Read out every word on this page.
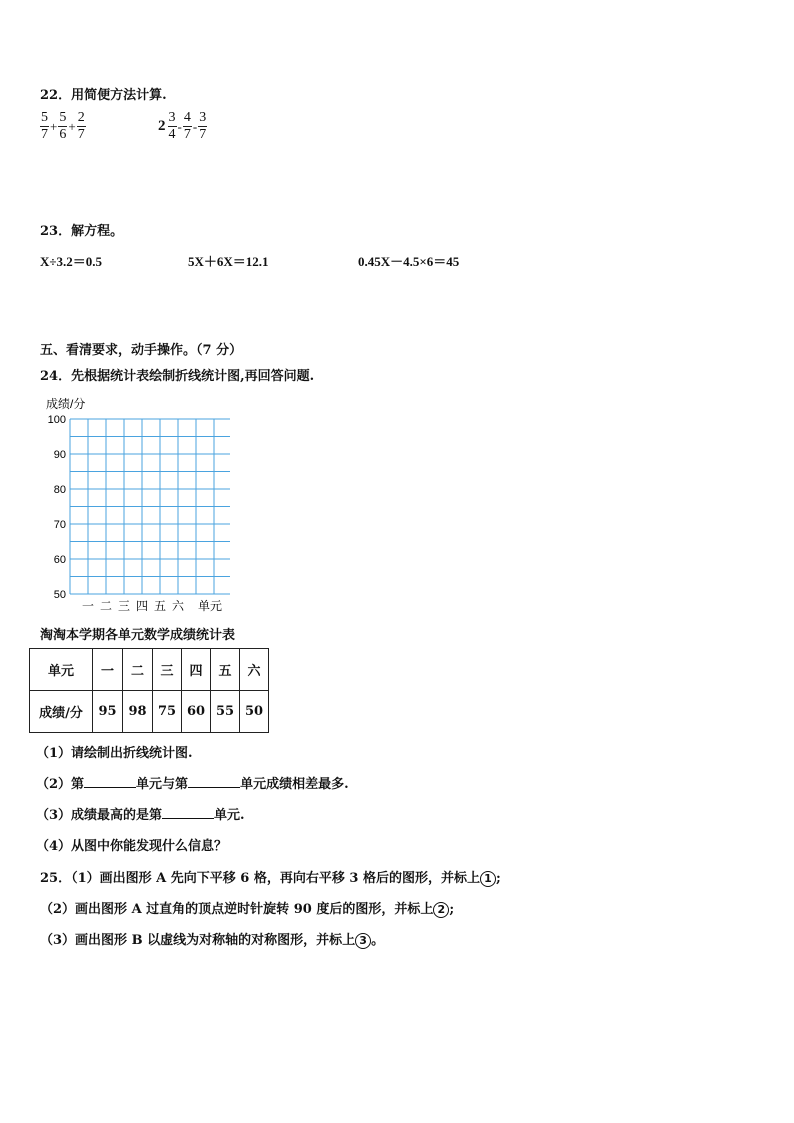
22．用简便方法计算.
$\frac{5}{7} + \frac{5}{6} + \frac{2}{7}$	$2 \frac{3}{4} - \frac{4}{7} - \frac{3}{7}$
23．解方程。
X÷3.2＝0.5	5X＋6X＝12.1	0.45X－4.5×6＝45
五、看清要求，动手操作。（7 分）
24．先根据统计表绘制折线统计图,再回答问题.
成绩/分
100
90
80
70
60
50
一 二 三 四 五 六 单元
淘淘本学期各单元数学成绩统计表
单元	一	二	三	四	五	六
成绩/分	95	98	75	60	55	50
（1）请绘制出折线统计图.
（2）第	单元与第	单元成绩相差最多.
（3）成绩最高的是第	单元.
（4）从图中你能发现什么信息？
25．（1）画出图形 A 先向下平移 6 格，再向右平移 3 格后的图形，并标上 1 ;
（2）画出图形 A 过直角的顶点逆时针旋转 90 度后的图形，并标上 2 ;
（3）画出图形 B 以虚线为对称轴的对称图形，并标上 3 。
